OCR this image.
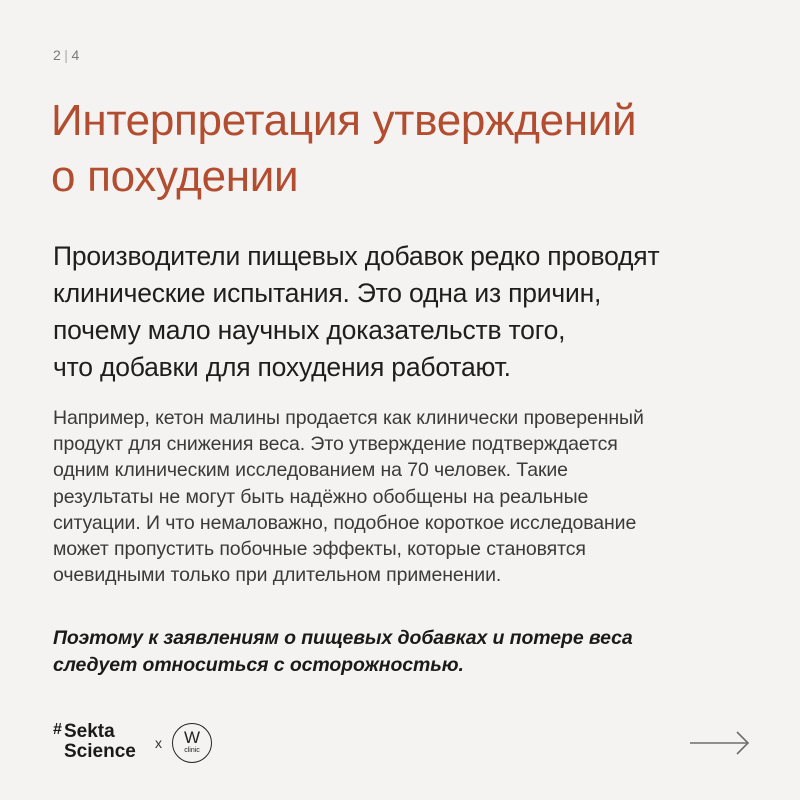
2 | 4
Интерпретация утверждений
о похудении

Производители пищевых добавок редко проводят
клинические испытания. Это одна из причин,
почему мало научных доказательств того,
что добавки для похудения работают.

Например, кетон малины продается как клинически проверенный
продукт для снижения веса. Это утверждение подтверждается
одним клиническим исследованием на 70 человек. Такие
результаты не могут быть надёжно обобщены на реальные
ситуации. И что немаловажно, подобное короткое исследование
может пропустить побочные эффекты, которые становятся
очевидными только при длительном применении.

Поэтому к заявлениям о пищевых добавках и потере веса
следует относиться с осторожностью.

# Sekta
Science x	W
clinic
